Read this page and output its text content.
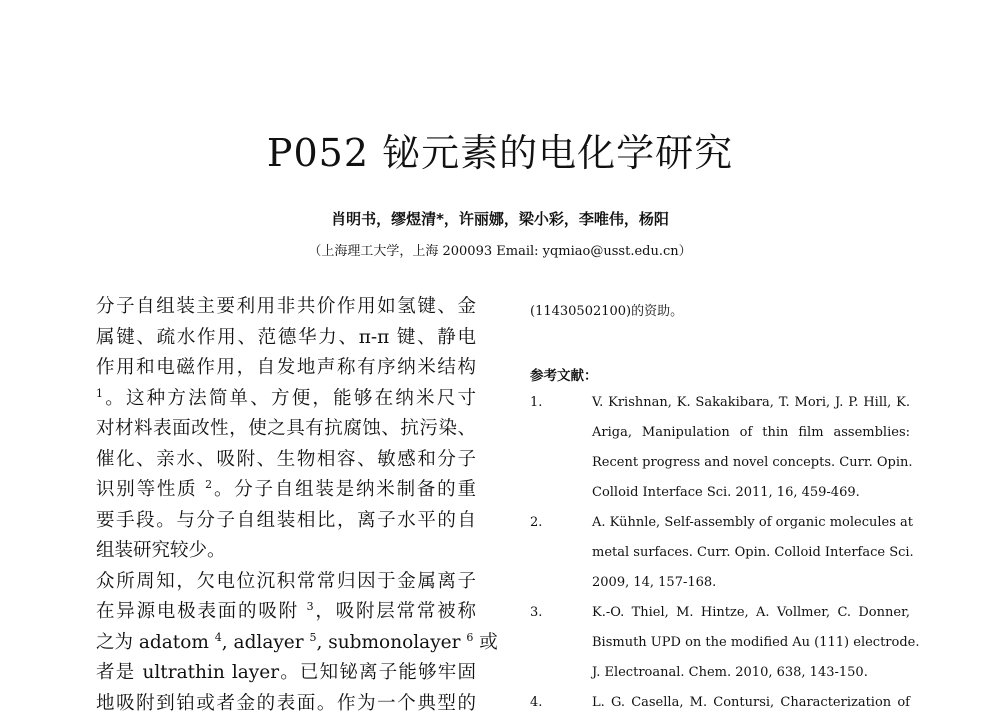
P052 铋元素的电化学研究
肖明书，缪煜清*，许丽娜，梁小彩，李唯伟，杨阳
（上海理工大学，上海 200093 Email: yqmiao@usst.edu.cn）
分子自组装主要利用非共价作用如氢键、金
属键、疏水作用、范德华力、π-π 键、静电
作用和电磁作用，自发地声称有序纳米结构
$^1$。这种方法简单、方便，能够在纳米尺寸
对材料表面改性，使之具有抗腐蚀、抗污染、
催化、亲水、吸附、生物相容、敏感和分子
识别等性质 $^2$。分子自组装是纳米制备的重
要手段。与分子自组装相比，离子水平的自
组装研究较少。
众所周知，欠电位沉积常常归因于金属离子
在异源电极表面的吸附 $^3$，吸附层常常被称
之为 adatom $^4$, adlayer $^5$, submonolayer $^6$ 或
者是 ultrathin layer。已知铋离子能够牢固
地吸附到铂或者金的表面。作为一个典型的
(11430502100)的资助。
参考文献：
1.	V. Krishnan, K. Sakakibara, T. Mori, J. P. Hill, K.
Ariga, Manipulation of thin film assemblies:
Recent progress and novel concepts. Curr. Opin.
Colloid Interface Sci. 2011, 16, 459-469.
2.	A. Kühnle, Self-assembly of organic molecules at
metal surfaces. Curr. Opin. Colloid Interface Sci.
2009, 14, 157-168.
3.	K.-O. Thiel, M. Hintze, A. Vollmer, C. Donner,
Bismuth UPD on the modified Au (111) electrode.
J. Electroanal. Chem. 2010, 638, 143-150.
4.	L. G. Casella, M. Contursi, Characterization of
